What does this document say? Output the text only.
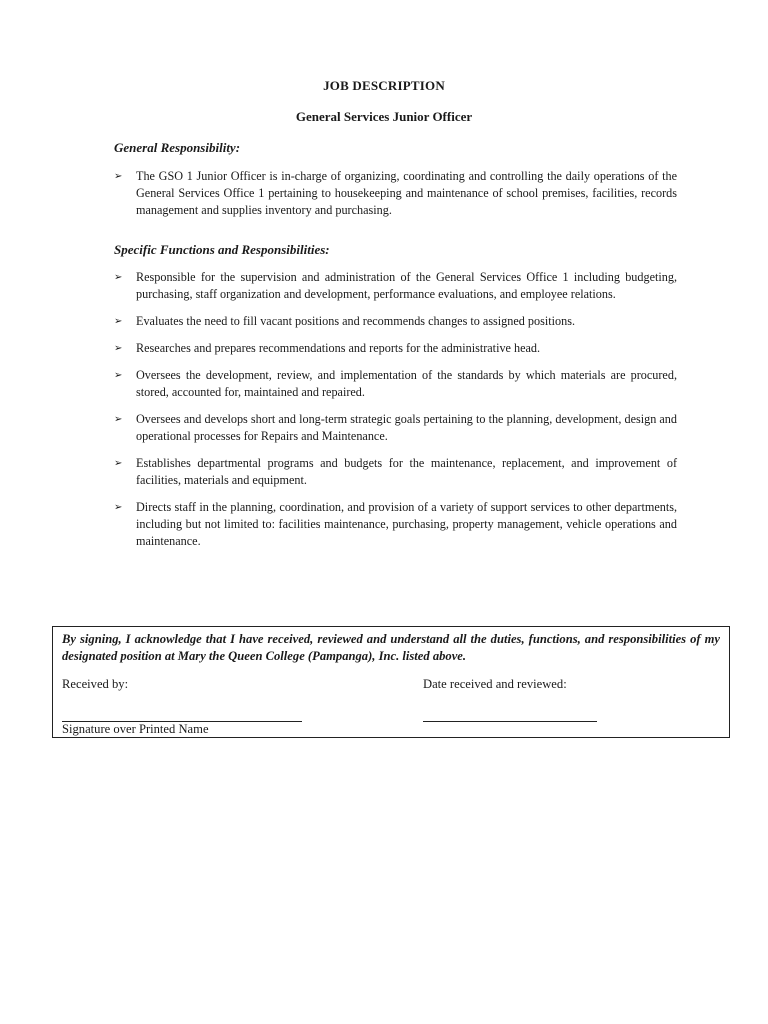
JOB DESCRIPTION
General Services Junior Officer
General Responsibility:
➢ The GSO 1 Junior Officer is in-charge of organizing, coordinating and controlling the daily operations of the General Services Office 1 pertaining to housekeeping and maintenance of school premises, facilities, records management and supplies inventory and purchasing.
Specific Functions and Responsibilities:
➢ Responsible for the supervision and administration of the General Services Office 1 including budgeting, purchasing, staff organization and development, performance evaluations, and employee relations.
➢ Evaluates the need to fill vacant positions and recommends changes to assigned positions.
➢ Researches and prepares recommendations and reports for the administrative head.
➢ Oversees the development, review, and implementation of the standards by which materials are procured, stored, accounted for, maintained and repaired.
➢ Oversees and develops short and long-term strategic goals pertaining to the planning, development, design and operational processes for Repairs and Maintenance.
➢ Establishes departmental programs and budgets for the maintenance, replacement, and improvement of facilities, materials and equipment.
➢ Directs staff in the planning, coordination, and provision of a variety of support services to other departments, including but not limited to: facilities maintenance, purchasing, property management, vehicle operations and maintenance.
By signing, I acknowledge that I have received, reviewed and understand all the duties, functions, and responsibilities of my designated position at Mary the Queen College (Pampanga), Inc. listed above.
Received by:	Date received and reviewed:
Signature over Printed Name
